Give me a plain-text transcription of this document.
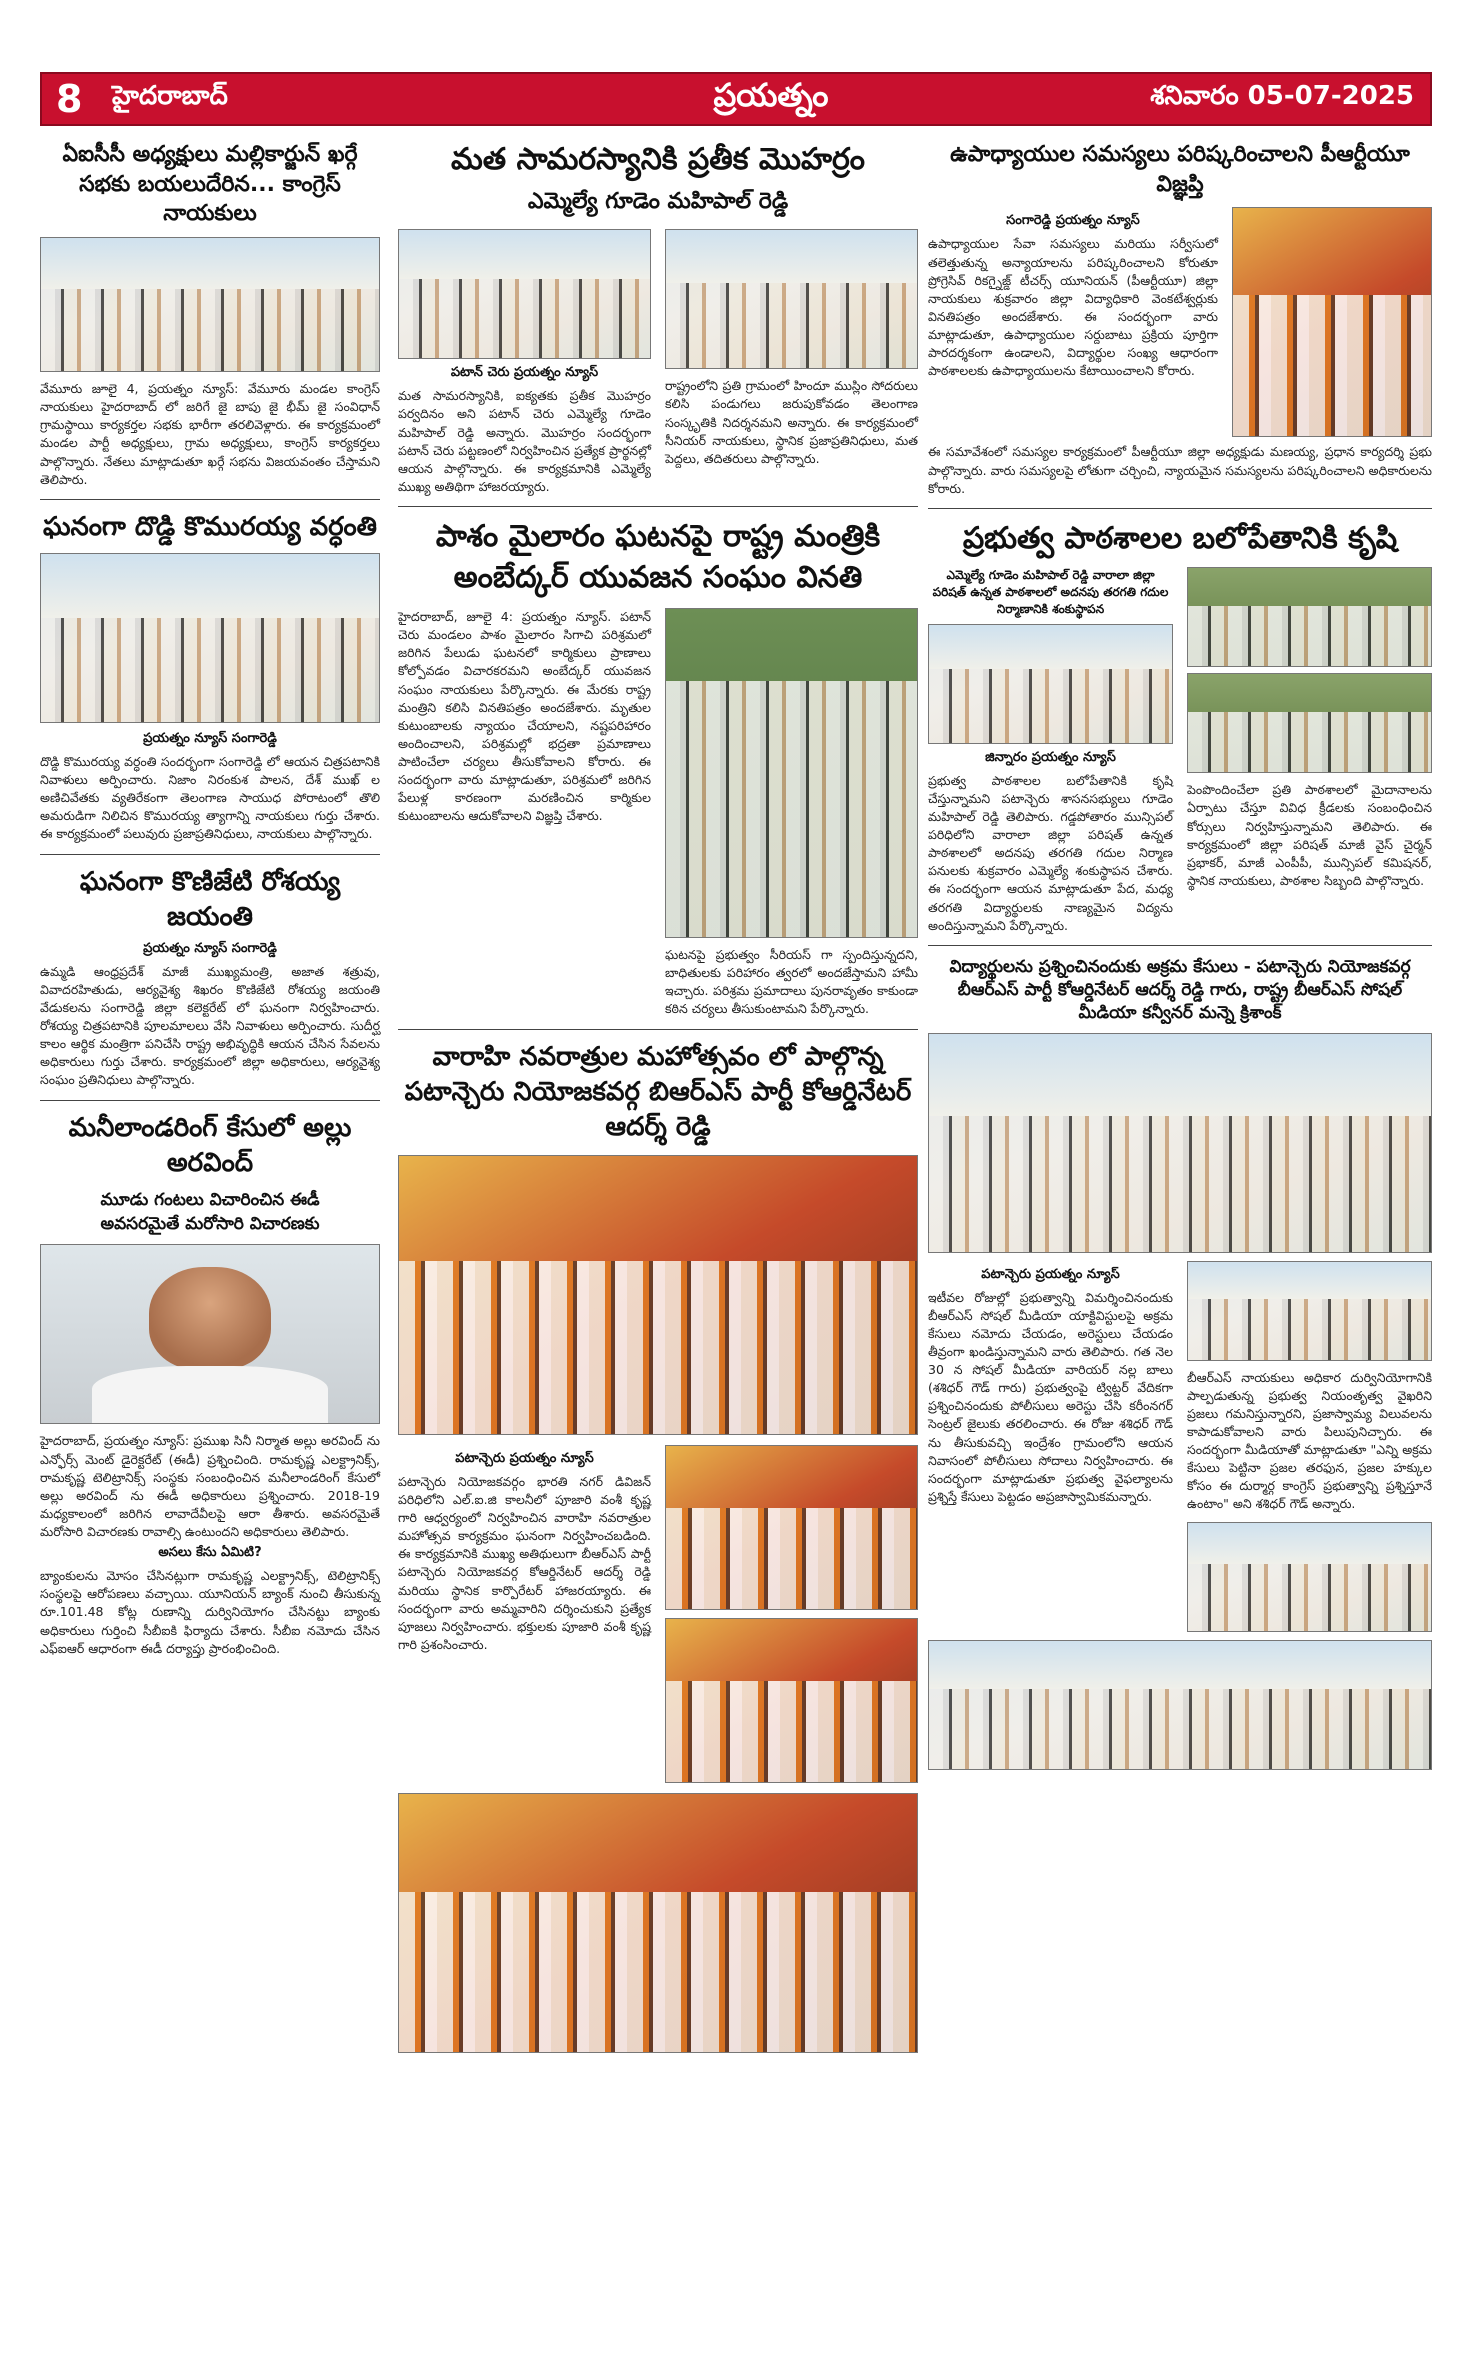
8	హైదరాబాద్	ప్రయత్నం	శనివారం 05-07-2025
ఏఐసీసీ అధ్యక్షులు మల్లికార్జున్ ఖర్గే సభకు బయలుదేరిన... కాంగ్రెస్ నాయకులు
వేమూరు జూలై 4, ప్రయత్నం న్యూస్: వేమూరు మండల కాంగ్రెస్ నాయకులు హైదరాబాద్ లో జరిగే జై బాపు జై భీమ్ జై సంవిధాన్ గ్రామస్థాయి కార్యకర్తల సభకు భారీగా తరలివెళ్లారు. ఈ కార్యక్రమంలో మండల పార్టీ అధ్యక్షులు, గ్రామ అధ్యక్షులు, కాంగ్రెస్ కార్యకర్తలు పాల్గొన్నారు. నేతలు మాట్లాడుతూ ఖర్గే సభను విజయవంతం చేస్తామని తెలిపారు.
ఘనంగా దొడ్డి కొమురయ్య వర్ధంతి
ప్రయత్నం న్యూస్ సంగారెడ్డి
దొడ్డి కొమురయ్య వర్ధంతి సందర్భంగా సంగారెడ్డి లో ఆయన చిత్రపటానికి నివాళులు అర్పించారు. నిజాం నిరంకుశ పాలన, దేశ్ ముఖ్ ల అణిచివేతకు వ్యతిరేకంగా తెలంగాణ సాయుధ పోరాటంలో తొలి అమరుడిగా నిలిచిన కొమురయ్య త్యాగాన్ని నాయకులు గుర్తు చేశారు. ఈ కార్యక్రమంలో పలువురు ప్రజాప్రతినిధులు, నాయకులు పాల్గొన్నారు.
ఘనంగా కొణిజేటి రోశయ్య జయంతి
ప్రయత్నం న్యూస్ సంగారెడ్డి
ఉమ్మడి ఆంధ్రప్రదేశ్ మాజీ ముఖ్యమంత్రి, అజాత శత్రువు, వివాదరహితుడు, ఆర్యవైశ్య శిఖరం కొణిజేటి రోశయ్య జయంతి వేడుకలను సంగారెడ్డి జిల్లా కలెక్టరేట్ లో ఘనంగా నిర్వహించారు. రోశయ్య చిత్రపటానికి పూలమాలలు వేసి నివాళులు అర్పించారు. సుదీర్ఘ కాలం ఆర్థిక మంత్రిగా పనిచేసి రాష్ట్ర అభివృద్ధికి ఆయన చేసిన సేవలను అధికారులు గుర్తు చేశారు. కార్యక్రమంలో జిల్లా అధికారులు, ఆర్యవైశ్య సంఘం ప్రతినిధులు పాల్గొన్నారు.
మనీలాండరింగ్ కేసులో అల్లు అరవింద్
మూడు గంటలు విచారించిన ఈడీ అవసరమైతే మరోసారి విచారణకు
హైదరాబాద్, ప్రయత్నం న్యూస్: ప్రముఖ సినీ నిర్మాత అల్లు అరవింద్ ను ఎన్ఫోర్స్ మెంట్ డైరెక్టరేట్ (ఈడీ) ప్రశ్నించింది. రామకృష్ణ ఎలక్ట్రానిక్స్, రామకృష్ణ టెలిట్రానిక్స్ సంస్థకు సంబంధించిన మనీలాండరింగ్ కేసులో అల్లు అరవింద్ ను ఈడీ అధికారులు ప్రశ్నించారు. 2018-19 మధ్యకాలంలో జరిగిన లావాదేవీలపై ఆరా తీశారు. అవసరమైతే మరోసారి విచారణకు రావాల్సి ఉంటుందని అధికారులు తెలిపారు.
అసలు కేసు ఏమిటి?
బ్యాంకులను మోసం చేసినట్లుగా రామకృష్ణ ఎలక్ట్రానిక్స్, టెలిట్రానిక్స్ సంస్థలపై ఆరోపణలు వచ్చాయి. యూనియన్ బ్యాంక్ నుంచి తీసుకున్న రూ.101.48 కోట్ల రుణాన్ని దుర్వినియోగం చేసినట్టు బ్యాంకు అధికారులు గుర్తించి సీబీఐకి ఫిర్యాదు చేశారు. సీబీఐ నమోదు చేసిన ఎఫ్ఐఆర్ ఆధారంగా ఈడీ దర్యాప్తు ప్రారంభించింది.
మత సామరస్యానికి ప్రతీక మొహర్రం
ఎమ్మెల్యే గూడెం మహిపాల్ రెడ్డి
పటాన్ చెరు ప్రయత్నం న్యూస్
మత సామరస్యానికి, ఐక్యతకు ప్రతీక మొహర్రం పర్వదినం అని పటాన్ చెరు ఎమ్మెల్యే గూడెం మహిపాల్ రెడ్డి అన్నారు. మొహర్రం సందర్భంగా పటాన్ చెరు పట్టణంలో నిర్వహించిన ప్రత్యేక ప్రార్థనల్లో ఆయన పాల్గొన్నారు. ఈ కార్యక్రమానికి ఎమ్మెల్యే ముఖ్య అతిథిగా హాజరయ్యారు.
రాష్ట్రంలోని ప్రతి గ్రామంలో హిందూ ముస్లిం సోదరులు కలిసి పండుగలు జరుపుకోవడం తెలంగాణ సంస్కృతికి నిదర్శనమని అన్నారు. ఈ కార్యక్రమంలో సీనియర్ నాయకులు, స్థానిక ప్రజాప్రతినిధులు, మత పెద్దలు, తదితరులు పాల్గొన్నారు.
పాశం మైలారం ఘటనపై రాష్ట్ర మంత్రికి అంబేద్కర్ యువజన సంఘం వినతి
హైదరాబాద్, జూలై 4: ప్రయత్నం న్యూస్. పటాన్ చెరు మండలం పాశం మైలారం సిగాచి పరిశ్రమలో జరిగిన పేలుడు ఘటనలో కార్మికులు ప్రాణాలు కోల్పోవడం విచారకరమని అంబేద్కర్ యువజన సంఘం నాయకులు పేర్కొన్నారు. ఈ మేరకు రాష్ట్ర మంత్రిని కలిసి వినతిపత్రం అందజేశారు. మృతుల కుటుంబాలకు న్యాయం చేయాలని, నష్టపరిహారం అందించాలని, పరిశ్రమల్లో భద్రతా ప్రమాణాలు పాటించేలా చర్యలు తీసుకోవాలని కోరారు. ఈ సందర్భంగా వారు మాట్లాడుతూ, పరిశ్రమలో జరిగిన పేలుళ్ల కారణంగా మరణించిన కార్మికుల కుటుంబాలను ఆదుకోవాలని విజ్ఞప్తి చేశారు.
ఘటనపై ప్రభుత్వం సీరియస్ గా స్పందిస్తున్నదని, బాధితులకు పరిహారం త్వరలో అందజేస్తామని హామీ ఇచ్చారు. పరిశ్రమ ప్రమాదాలు పునరావృతం కాకుండా కఠిన చర్యలు తీసుకుంటామని పేర్కొన్నారు.
వారాహి నవరాత్రుల మహోత్సవం లో పాల్గొన్న పటాన్చెరు నియోజకవర్గ బిఆర్ఎస్ పార్టీ కోఆర్డినేటర్ ఆదర్శ్ రెడ్డి
పటాన్చెరు ప్రయత్నం న్యూస్
పటాన్చెరు నియోజకవర్గం భారతి నగర్ డివిజన్ పరిధిలోని ఎల్.ఐ.జి కాలనీలో పూజారి వంశీ కృష్ణ గారి ఆధ్వర్యంలో నిర్వహించిన వారాహి నవరాత్రుల మహోత్సవ కార్యక్రమం ఘనంగా నిర్వహించబడింది. ఈ కార్యక్రమానికి ముఖ్య అతిథులుగా బీఆర్ఎస్ పార్టీ పటాన్చెరు నియోజకవర్గ కోఆర్డినేటర్ ఆదర్శ్ రెడ్డి మరియు స్థానిక కార్పొరేటర్ హాజరయ్యారు. ఈ సందర్భంగా వారు అమ్మవారిని దర్శించుకుని ప్రత్యేక పూజలు నిర్వహించారు. భక్తులకు పూజారి వంశీ కృష్ణ గారి ప్రశంసించారు.
ఉపాధ్యాయుల సమస్యలు పరిష్కరించాలని పీఆర్టీయూ విజ్ఞప్తి
సంగారెడ్డి ప్రయత్నం న్యూస్
ఉపాధ్యాయుల సేవా సమస్యలు మరియు సర్వీసులో తలెత్తుతున్న అన్యాయాలను పరిష్కరించాలని కోరుతూ ప్రోగ్రెసివ్ రికగ్నైజ్డ్ టీచర్స్ యూనియన్ (పీఆర్టీయూ) జిల్లా నాయకులు శుక్రవారం జిల్లా విద్యాధికారి వెంకటేశ్వర్లుకు వినతిపత్రం అందజేశారు. ఈ సందర్భంగా వారు మాట్లాడుతూ, ఉపాధ్యాయుల సర్దుబాటు ప్రక్రియ పూర్తిగా పారదర్శకంగా ఉండాలని, విద్యార్థుల సంఖ్య ఆధారంగా పాఠశాలలకు ఉపాధ్యాయులను కేటాయించాలని కోరారు.
ఈ సమావేశంలో సమస్యల కార్యక్రమంలో పీఆర్టీయూ జిల్లా అధ్యక్షుడు మణయ్య, ప్రధాన కార్యదర్శి ప్రభు పాల్గొన్నారు. వారు సమస్యలపై లోతుగా చర్చించి, న్యాయమైన సమస్యలను పరిష్కరించాలని అధికారులను కోరారు.
ప్రభుత్వ పాఠశాలల బలోపేతానికి కృషి
ఎమ్మెల్యే గూడెం మహిపాల్ రెడ్డి వారాలా జిల్లా పరిషత్ ఉన్నత పాఠశాలలో అదనపు తరగతి గదుల నిర్మాణానికి శంకుస్థాపన
జిన్నారం ప్రయత్నం న్యూస్
ప్రభుత్వ పాఠశాలల బలోపేతానికి కృషి చేస్తున్నామని పటాన్చెరు శాసనసభ్యులు గూడెం మహిపాల్ రెడ్డి తెలిపారు. గడ్డపోతారం మున్సిపల్ పరిధిలోని వారాలా జిల్లా పరిషత్ ఉన్నత పాఠశాలలో అదనపు తరగతి గదుల నిర్మాణ పనులకు శుక్రవారం ఎమ్మెల్యే శంకుస్థాపన చేశారు. ఈ సందర్భంగా ఆయన మాట్లాడుతూ పేద, మధ్య తరగతి విద్యార్థులకు నాణ్యమైన విద్యను అందిస్తున్నామని పేర్కొన్నారు.
పెంపొందించేలా ప్రతి పాఠశాలలో మైదానాలను ఏర్పాటు చేస్తూ వివిధ క్రీడలకు సంబంధించిన కోర్సులు నిర్వహిస్తున్నామని తెలిపారు. ఈ కార్యక్రమంలో జిల్లా పరిషత్ మాజీ వైస్ చైర్మన్ ప్రభాకర్, మాజీ ఎంపీపీ, మున్సిపల్ కమిషనర్, స్థానిక నాయకులు, పాఠశాల సిబ్బంది పాల్గొన్నారు.
విద్యార్థులను ప్రశ్నించినందుకు అక్రమ కేసులు - పటాన్చెరు నియోజకవర్గ బీఆర్ఎస్ పార్టీ కోఆర్డినేటర్ ఆదర్శ్ రెడ్డి గారు, రాష్ట్ర బీఆర్ఎస్ సోషల్ మీడియా కన్వీనర్ మన్నె క్రిశాంక్
పటాన్చెరు ప్రయత్నం న్యూస్
ఇటీవల రోజుల్లో ప్రభుత్వాన్ని విమర్శించినందుకు బీఆర్ఎస్ సోషల్ మీడియా యాక్టివిస్టులపై అక్రమ కేసులు నమోదు చేయడం, అరెస్టులు చేయడం తీవ్రంగా ఖండిస్తున్నామని వారు తెలిపారు. గత నెల 30 న సోషల్ మీడియా వారియర్ నల్ల బాలు (శశిధర్ గౌడ్ గారు) ప్రభుత్వంపై ట్విట్టర్ వేదికగా ప్రశ్నించినందుకు పోలీసులు అరెస్టు చేసి కరీంనగర్ సెంట్రల్ జైలుకు తరలించారు. ఈ రోజు శశిధర్ గౌడ్ ను తీసుకువచ్చి ఇంద్రేశం గ్రామంలోని ఆయన నివాసంలో పోలీసులు సోదాలు నిర్వహించారు. ఈ సందర్భంగా మాట్లాడుతూ ప్రభుత్వ వైఫల్యాలను ప్రశ్నిస్తే కేసులు పెట్టడం అప్రజాస్వామికమన్నారు.
బీఆర్ఎస్ నాయకులు అధికార దుర్వినియోగానికి పాల్పడుతున్న ప్రభుత్వ నియంతృత్వ వైఖరిని ప్రజలు గమనిస్తున్నారని, ప్రజాస్వామ్య విలువలను కాపాడుకోవాలని వారు పిలుపునిచ్చారు. ఈ సందర్భంగా మీడియాతో మాట్లాడుతూ "ఎన్ని అక్రమ కేసులు పెట్టినా ప్రజల తరఫున, ప్రజల హక్కుల కోసం ఈ దుర్మార్గ కాంగ్రెస్ ప్రభుత్వాన్ని ప్రశ్నిస్తూనే ఉంటాం" అని శశిధర్ గౌడ్ అన్నారు.
